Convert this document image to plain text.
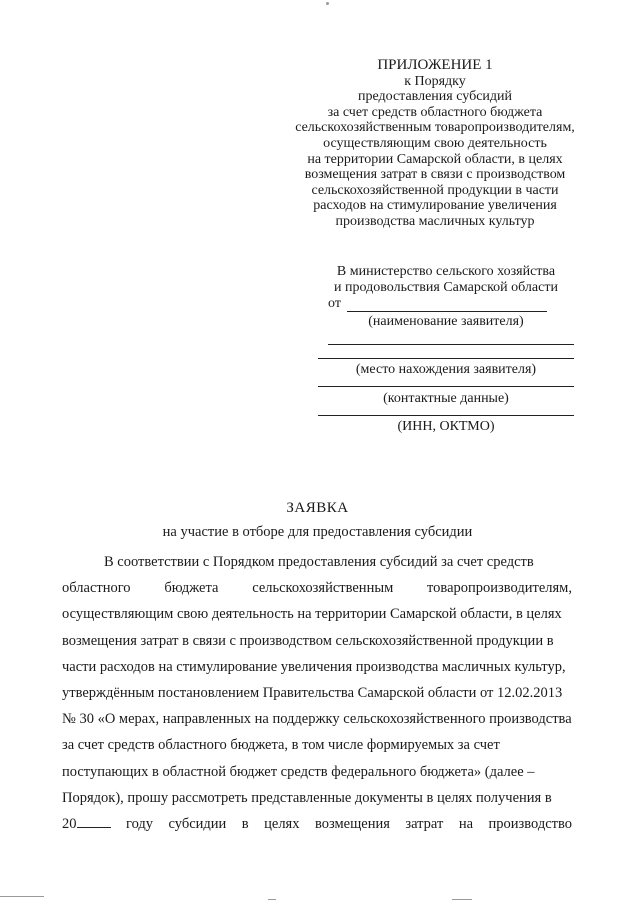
ПРИЛОЖЕНИЕ 1
к Порядку
предоставления субсидий
за счет средств областного бюджета
сельскохозяйственным товаропроизводителям,
осуществляющим свою деятельность
на территории Самарской области, в целях
возмещения затрат в связи с производством
сельскохозяйственной продукции в части
расходов на стимулирование увеличения
производства масличных культур
В министерство сельского хозяйства
и продовольствия Самарской области
от
(наименование заявителя)
(место нахождения заявителя)
(контактные данные)
(ИНН, ОКТМО)
ЗАЯВКА
на участие в отборе для предоставления субсидии
В соответствии с Порядком предоставления субсидий за счет средств
областного бюджета сельскохозяйственным товаропроизводителям,
осуществляющим свою деятельность на территории Самарской области, в целях
возмещения затрат в связи с производством сельскохозяйственной продукции в
части расходов на стимулирование увеличения производства масличных культур,
утверждённым постановлением Правительства Самарской области от 12.02.2013
№ 30 «О мерах, направленных на поддержку сельскохозяйственного производства
за счет средств областного бюджета, в том числе формируемых за счет
поступающих в областной бюджет средств федерального бюджета» (далее –
Порядок), прошу рассмотреть представленные документы в целях получения в
20	году субсидии в целях возмещения затрат на производство
